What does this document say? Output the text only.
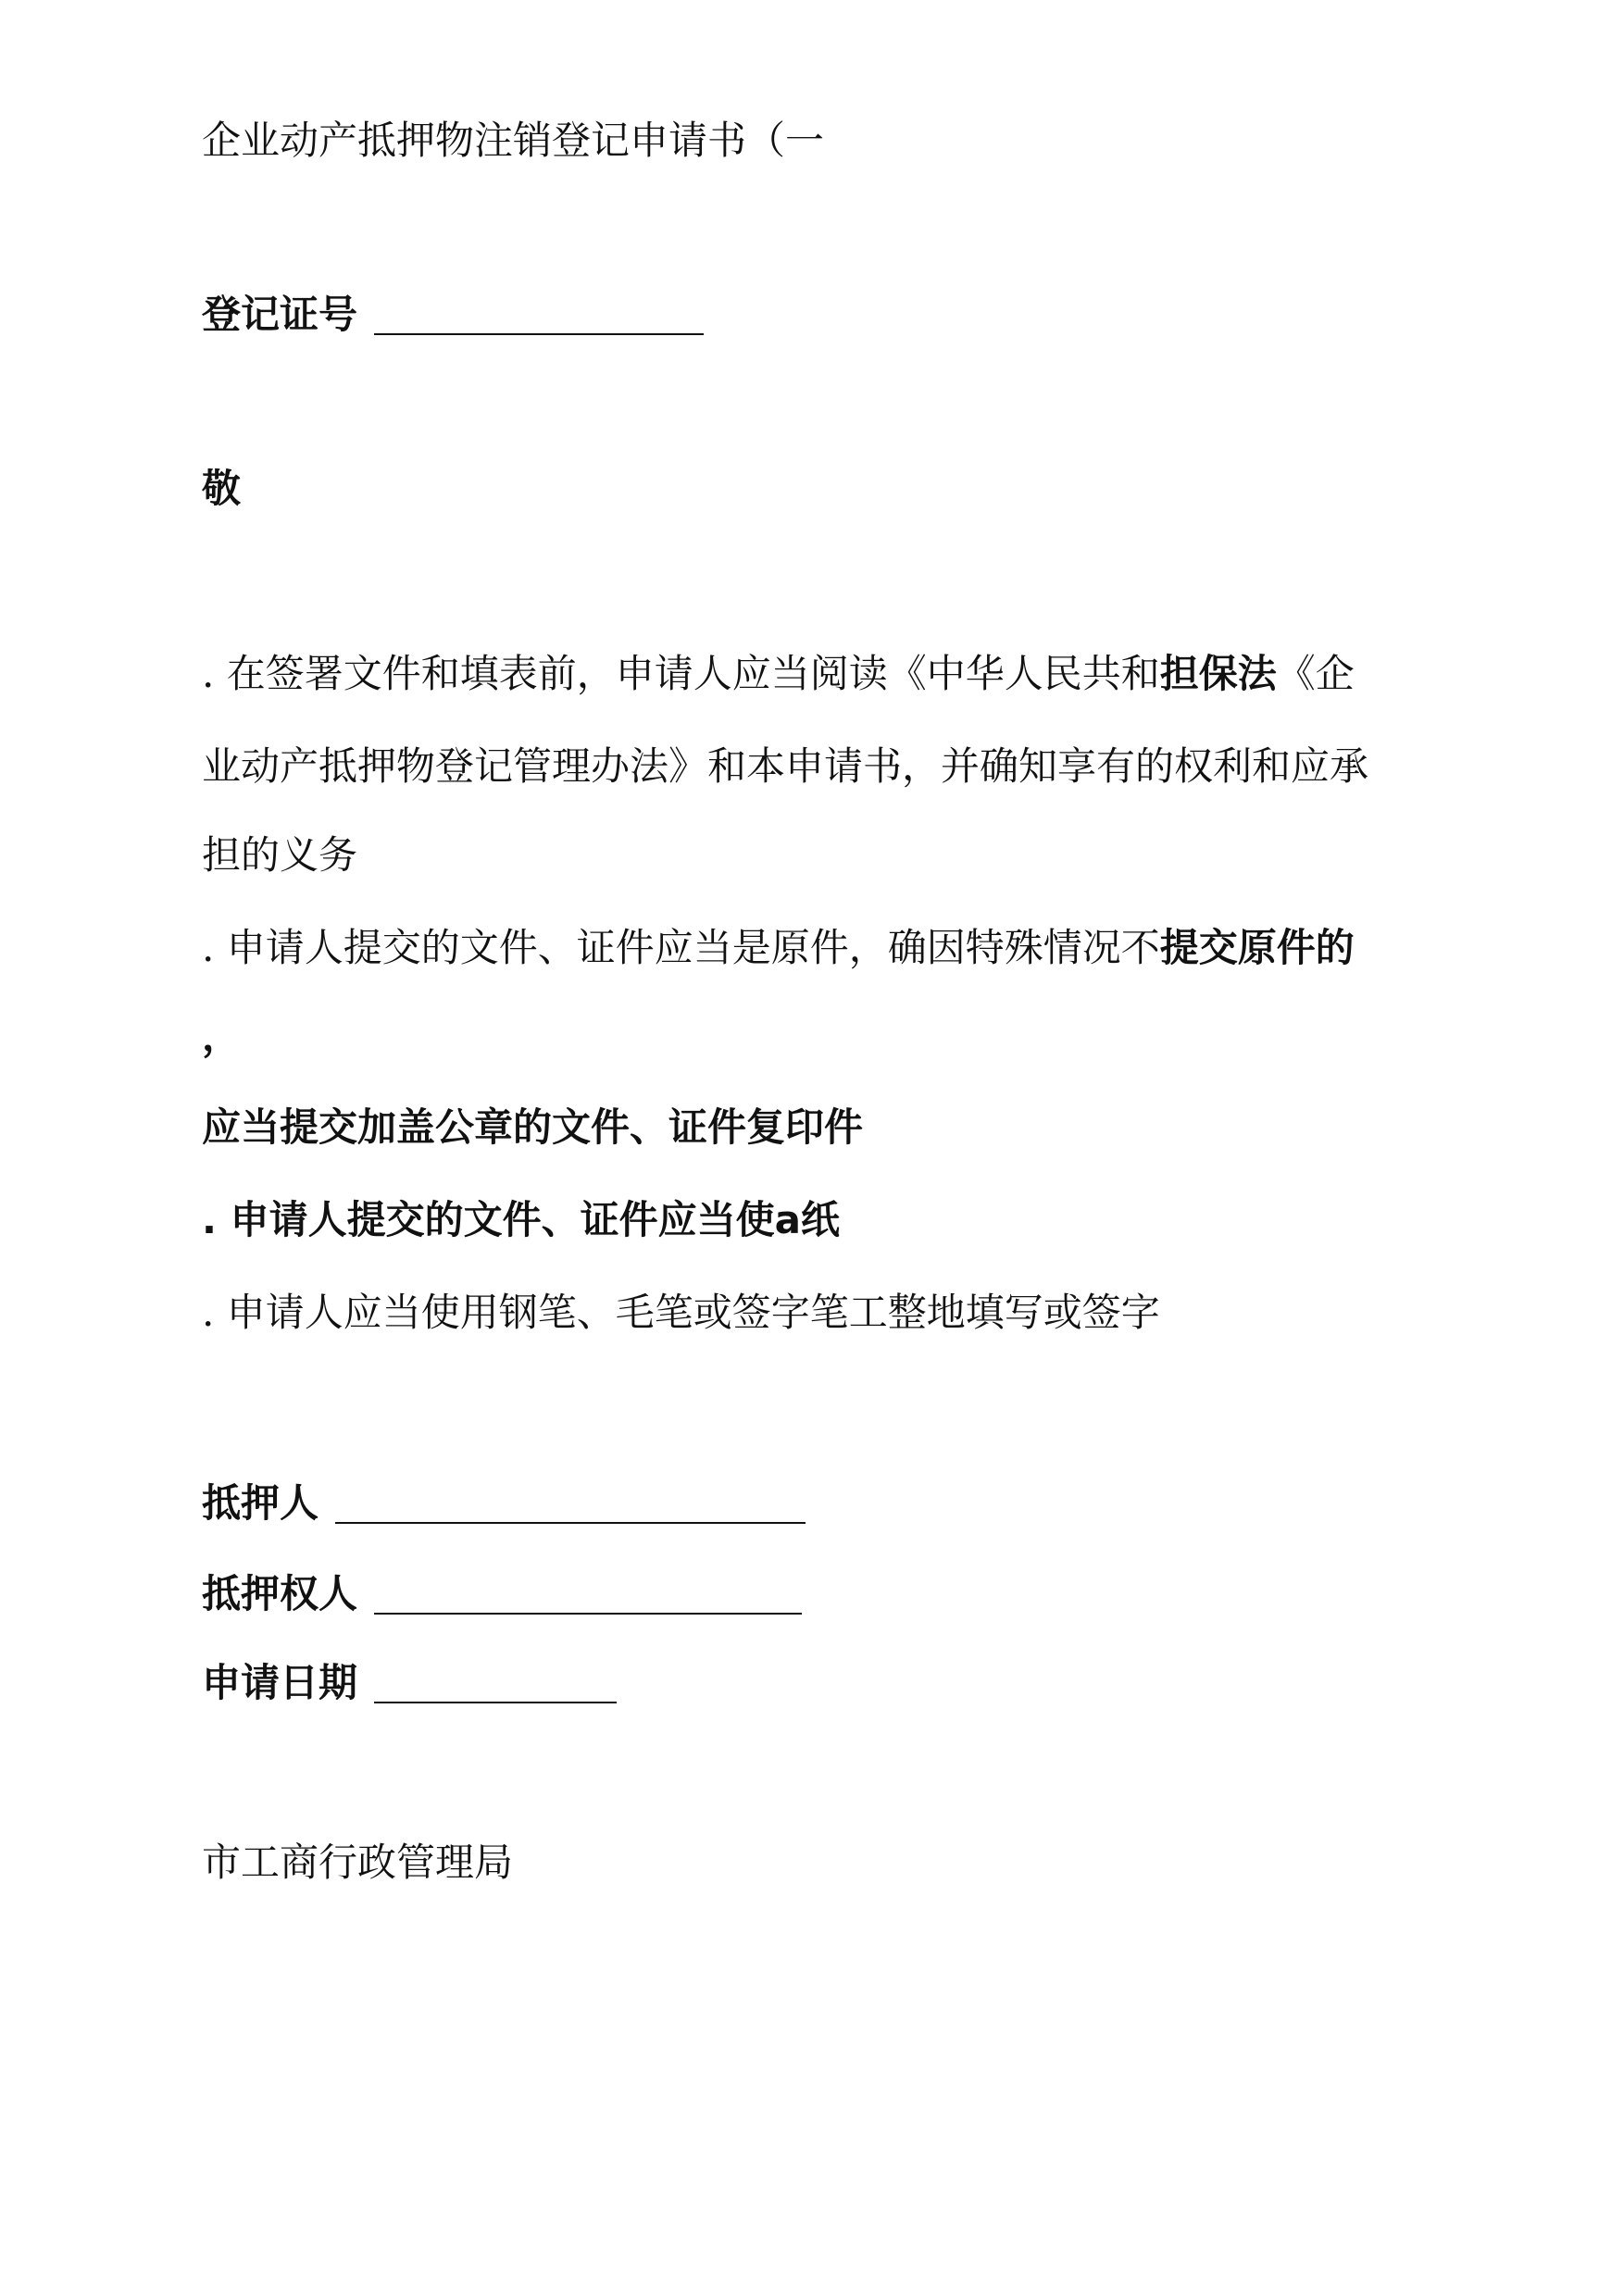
企业动产抵押物注销登记申请书（一
登记证号
敬
. 在签署文件和填表前，申请人应当阅读《中华人民共和担保法《企
业动产抵押物登记管理办法》和本申请书，并确知享有的权利和应承
担的义务
. 申请人提交的文件、证件应当是原件，确因特殊情况不提交原件的
，
应当提交加盖公章的文件、证件复印件
. 申请人提交的文件、证件应当使a纸
. 申请人应当使用钢笔、毛笔或签字笔工整地填写或签字
抵押人
抵押权人
申请日期
市工商行政管理局
